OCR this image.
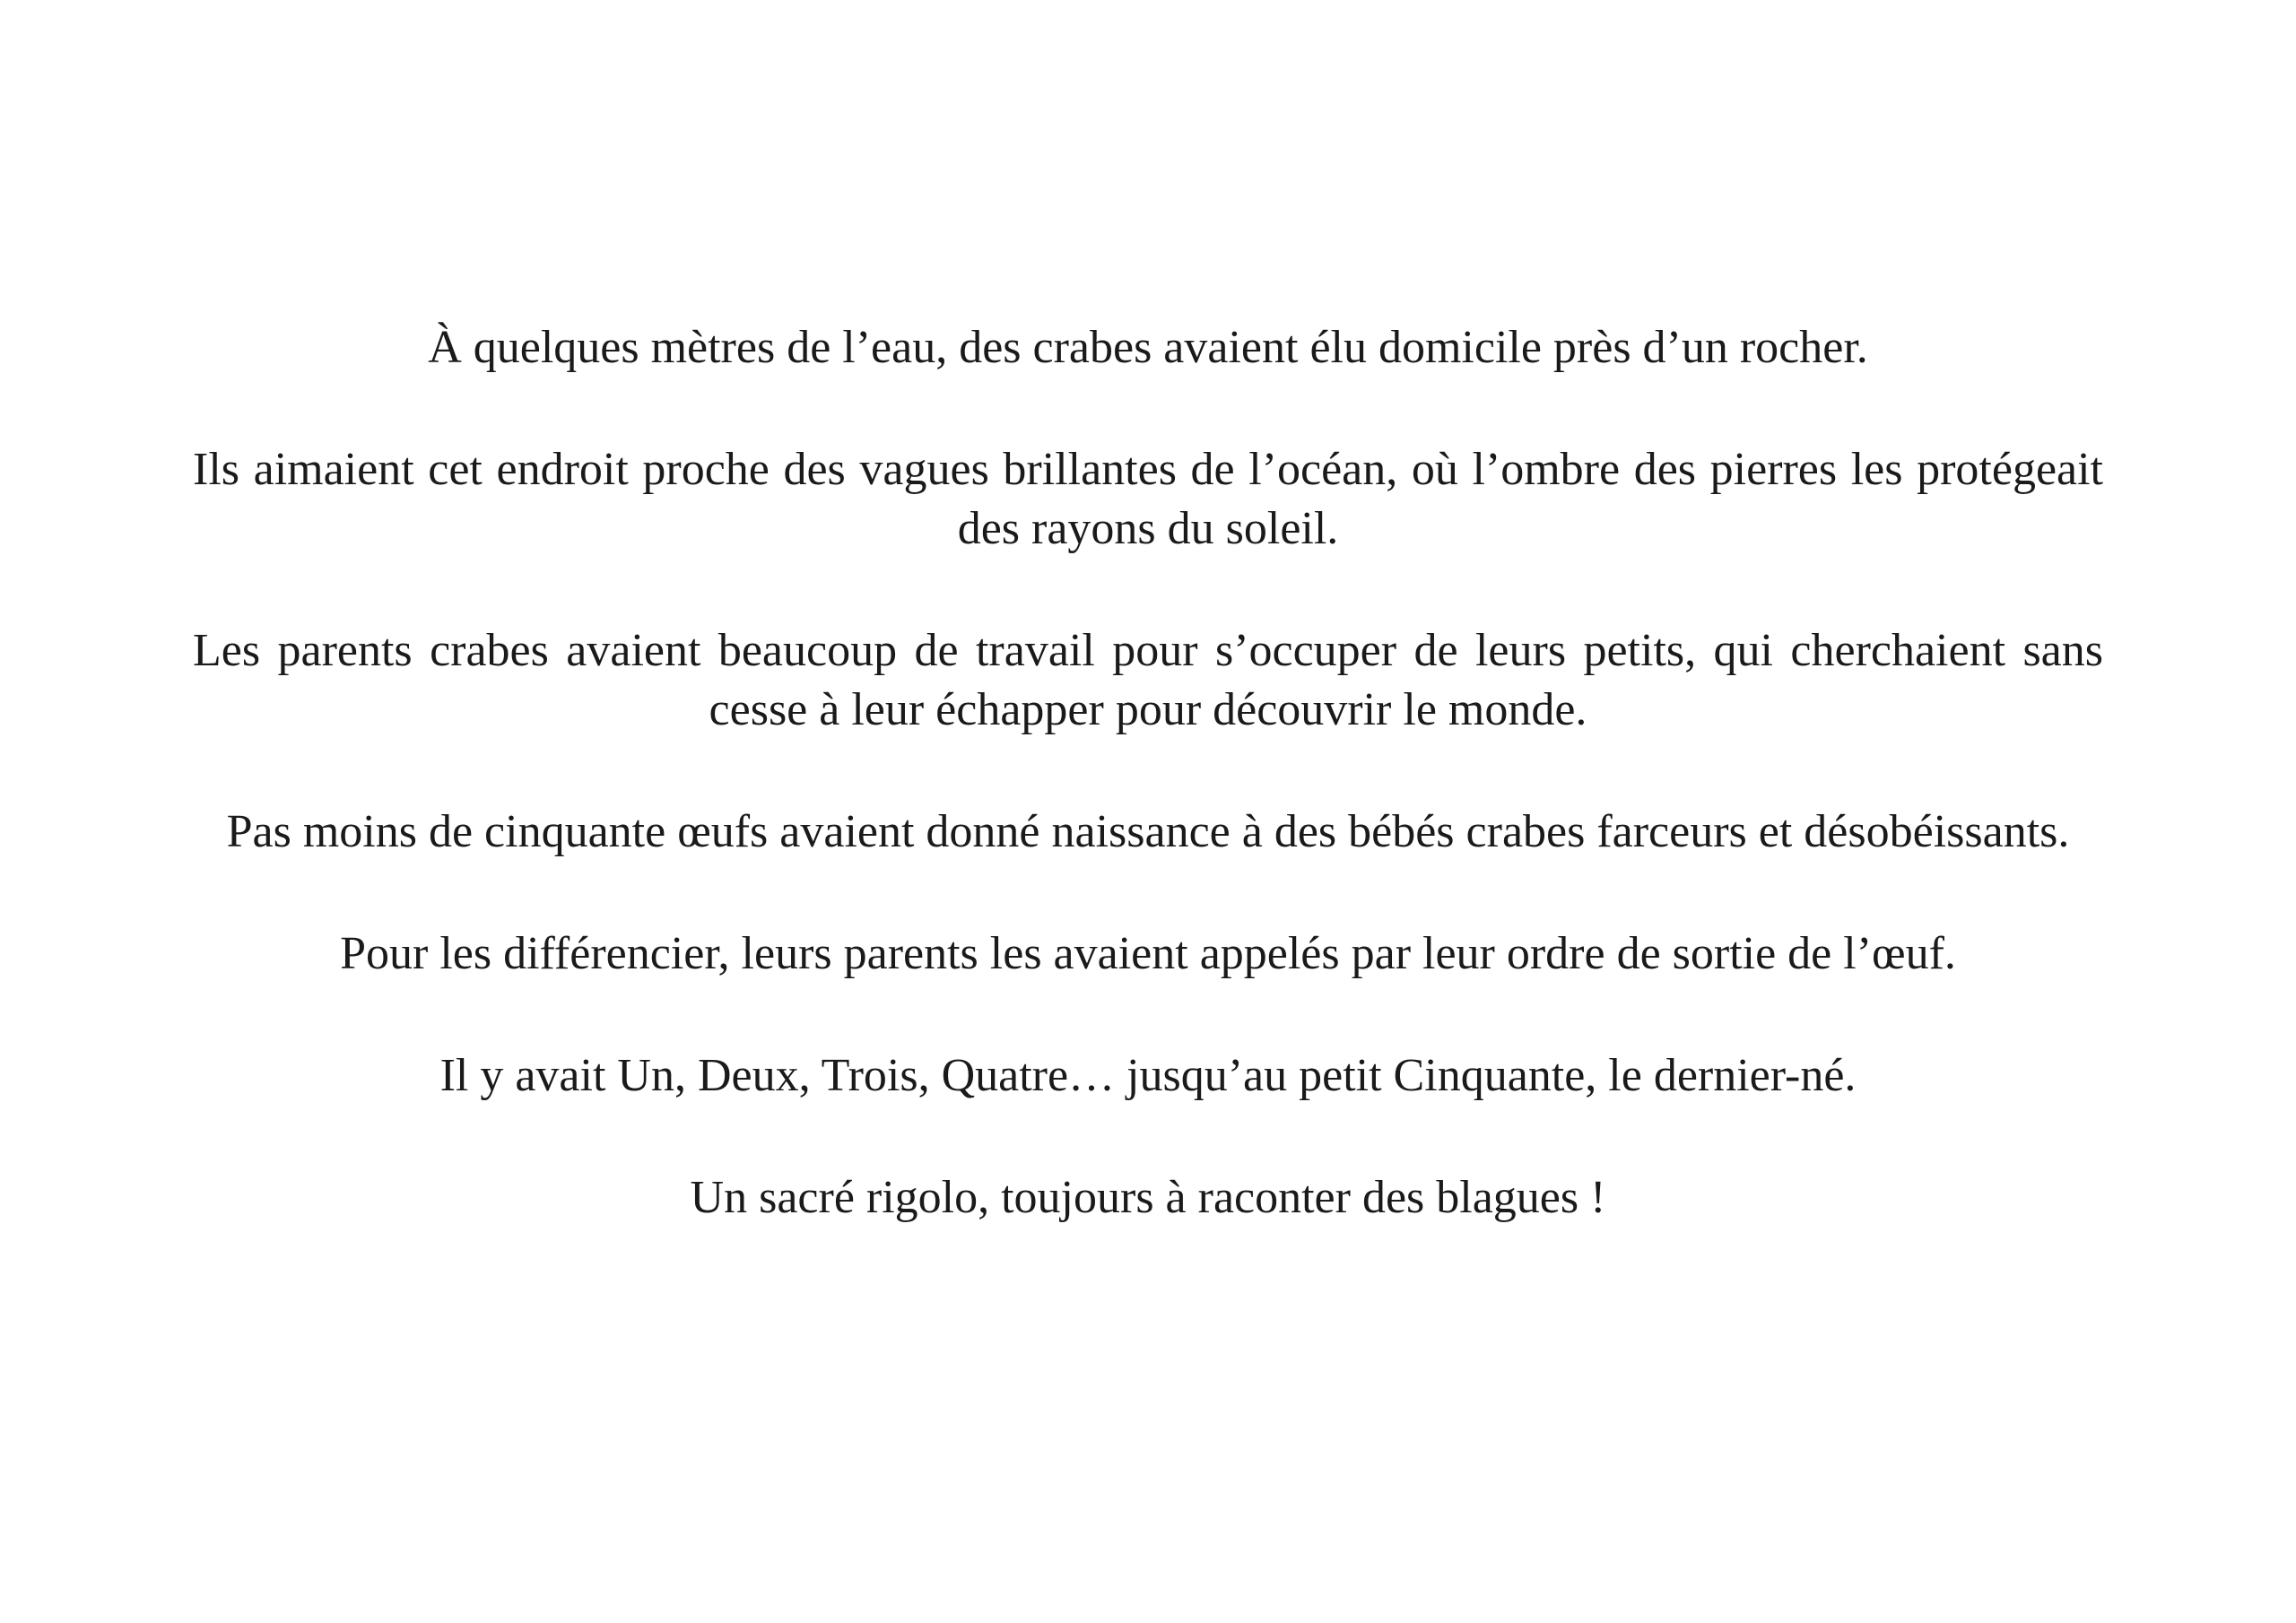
À quelques mètres de l’eau, des crabes avaient élu domicile près d’un rocher.

Ils aimaient cet endroit proche des vagues brillantes de l’océan, où l’ombre des pierres les protégeait des rayons du soleil.

Les parents crabes avaient beaucoup de travail pour s’occuper de leurs petits, qui cherchaient sans cesse à leur échapper pour découvrir le monde.

Pas moins de cinquante œufs avaient donné naissance à des bébés crabes farceurs et désobéissants.

Pour les différencier, leurs parents les avaient appelés par leur ordre de sortie de l’œuf.

Il y avait Un, Deux, Trois, Quatre… jusqu’au petit Cinquante, le dernier-né.

Un sacré rigolo, toujours à raconter des blagues !
